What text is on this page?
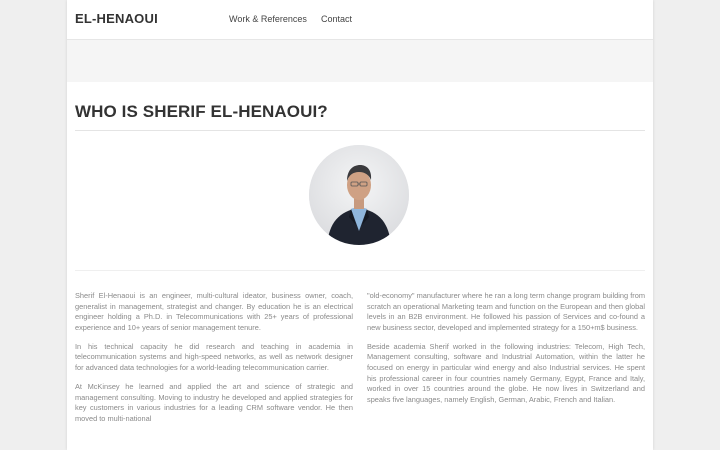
EL-HENAOUI	Work & References Contact
WHO IS SHERIF EL-HENAOUI?

Sherif El-Henaoui is an engineer, multi-cultural ideator, business owner, coach, generalist in management, strategist and changer. By education he is an electrical engineer holding a Ph.D. in Telecommunications with 25+ years of professional experience and 10+ years of senior management tenure.

In his technical capacity he did research and teaching in academia in telecommunication systems and high-speed networks, as well as network designer for advanced data technologies for a world-leading telecommunication carrier.

At McKinsey he learned and applied the art and science of strategic and management consulting. Moving to industry he developed and applied strategies for key customers in various industries for a leading CRM software vendor. He then moved to multi-national

"old-economy" manufacturer where he ran a long term change program building from scratch an operational Marketing team and function on the European and then global levels in an B2B environment. He followed his passion of Services and co-found a new business sector, developed and implemented strategy for a 150+m$ business.

Beside academia Sherif worked in the following industries: Telecom, High Tech, Management consulting, software and Industrial Automation, within the latter he focused on energy in particular wind energy and also Industrial services. He spent his professional career in four countries namely Germany, Egypt, France and Italy, worked in over 15 countries around the globe. He now lives in Switzerland and speaks five languages, namely English, German, Arabic, French and Italian.
